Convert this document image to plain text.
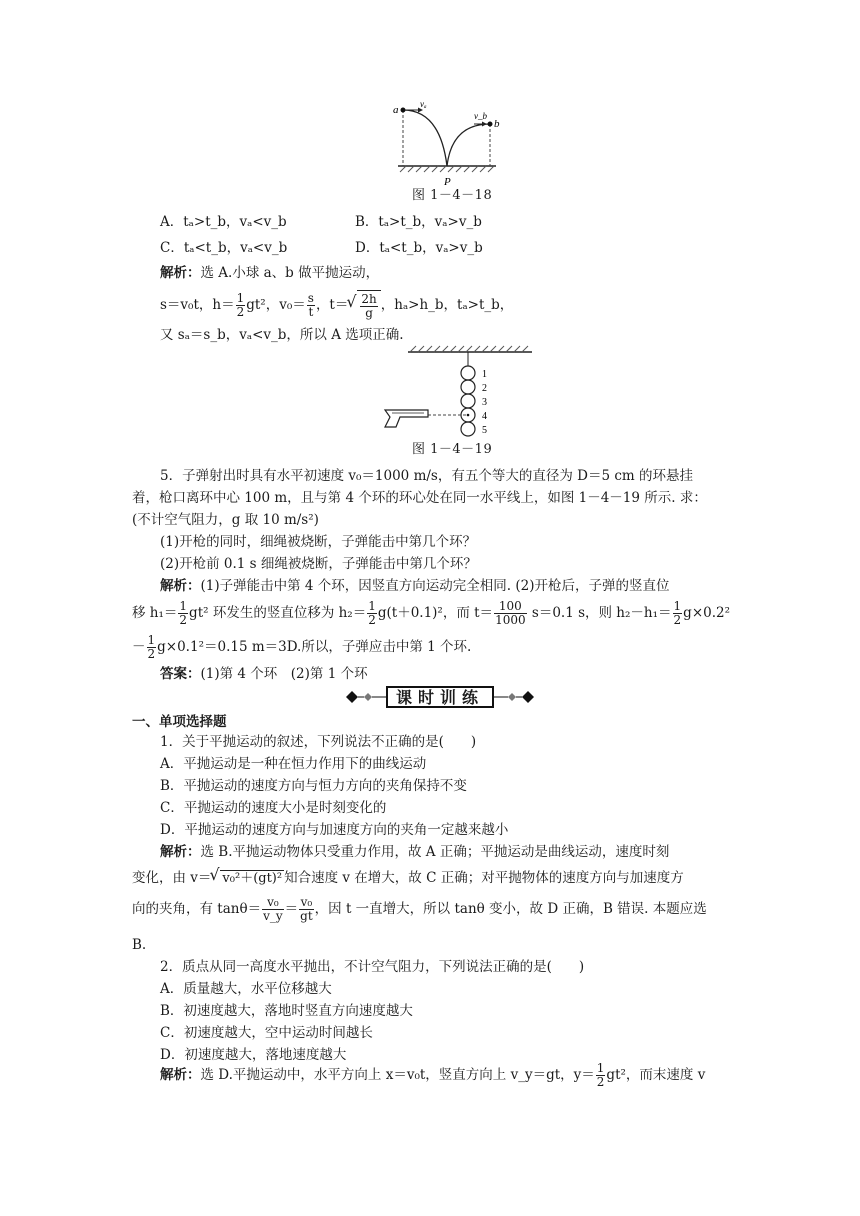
a vₐ
v_b
b
P
图 1－4－18
A．tₐ>t_b，vₐ<v_b	B．tₐ>t_b，vₐ>v_b
C．tₐ<t_b，vₐ<v_b	D．tₐ<t_b，vₐ>v_b
解析：选 A.小球 a、b 做平抛运动，
s＝v₀t，$h= \frac{1}{2} gt^2$，$v_0= \frac{s}{t}$ ，t＝ √ $\frac{2h}{g}$ ，hₐ>h_b，tₐ>t_b，
又 sₐ＝s_b，vₐ<v_b，所以 A 选项正确.
1
2
3
4
5
图 1－4－19
5．子弹射出时具有水平初速度 v₀＝1000 m/s，有五个等大的直径为 D＝5 cm 的环悬挂
着，枪口离环中心 100 m，且与第 4 个环的环心处在同一水平线上，如图 1－4－19 所示. 求：
(不计空气阻力，g 取 10 m/s²)
(1)开枪的同时，细绳被烧断，子弹能击中第几个环？
(2)开枪前 0.1 s 细绳被烧断，子弹能击中第几个环？
解析：(1)子弹能击中第 4 个环，因竖直方向运动完全相同. (2)开枪后，子弹的竖直位
移 $h_1= \frac{1}{2} gt^2$ 环发生的竖直位移为 $h_2= \frac{1}{2} g(t+0.1)^2$，而 $t= \frac{100}{1000} s=0.1$ s，则 $h_2-h_1= \frac{1}{2} g\times 0.2^2$
－ $\frac{1}{2} g\times 0.1^2=0.15$ m＝3D.所以，子弹应击中第 1 个环.
答案：(1)第 4 个环　(2)第 1 个环
课时训练
一、单项选择题
1．关于平抛运动的叙述，下列说法不正确的是(　　)
A．平抛运动是一种在恒力作用下的曲线运动
B．平抛运动的速度方向与恒力方向的夹角保持不变
C．平抛运动的速度大小是时刻变化的
D．平抛运动的速度方向与加速度方向的夹角一定越来越小
解析：选 B.平抛运动物体只受重力作用，故 A 正确；平抛运动是曲线运动，速度时刻
变化，由 v＝ √ v₀²＋(gt)² 知合速度 v 在增大，故 C 正确；对平抛物体的速度方向与加速度方
向的夹角，有 $\tan\theta= \frac{\text{v₀}}{v\_y} = \frac{\text{v₀}}{gt}$ ，因 t 一直增大，所以 tanθ 变小，故 D 正确，B 错误. 本题应选
B.
2．质点从同一高度水平抛出，不计空气阻力，下列说法正确的是(　　)
A．质量越大，水平位移越大
B．初速度越大，落地时竖直方向速度越大
C．初速度越大，空中运动时间越长
D．初速度越大，落地速度越大
解析：选 D.平抛运动中，水平方向上 x＝v₀t，竖直方向上 v_y＝gt，$y= \frac{1}{2} gt^2$，而末速度 v
